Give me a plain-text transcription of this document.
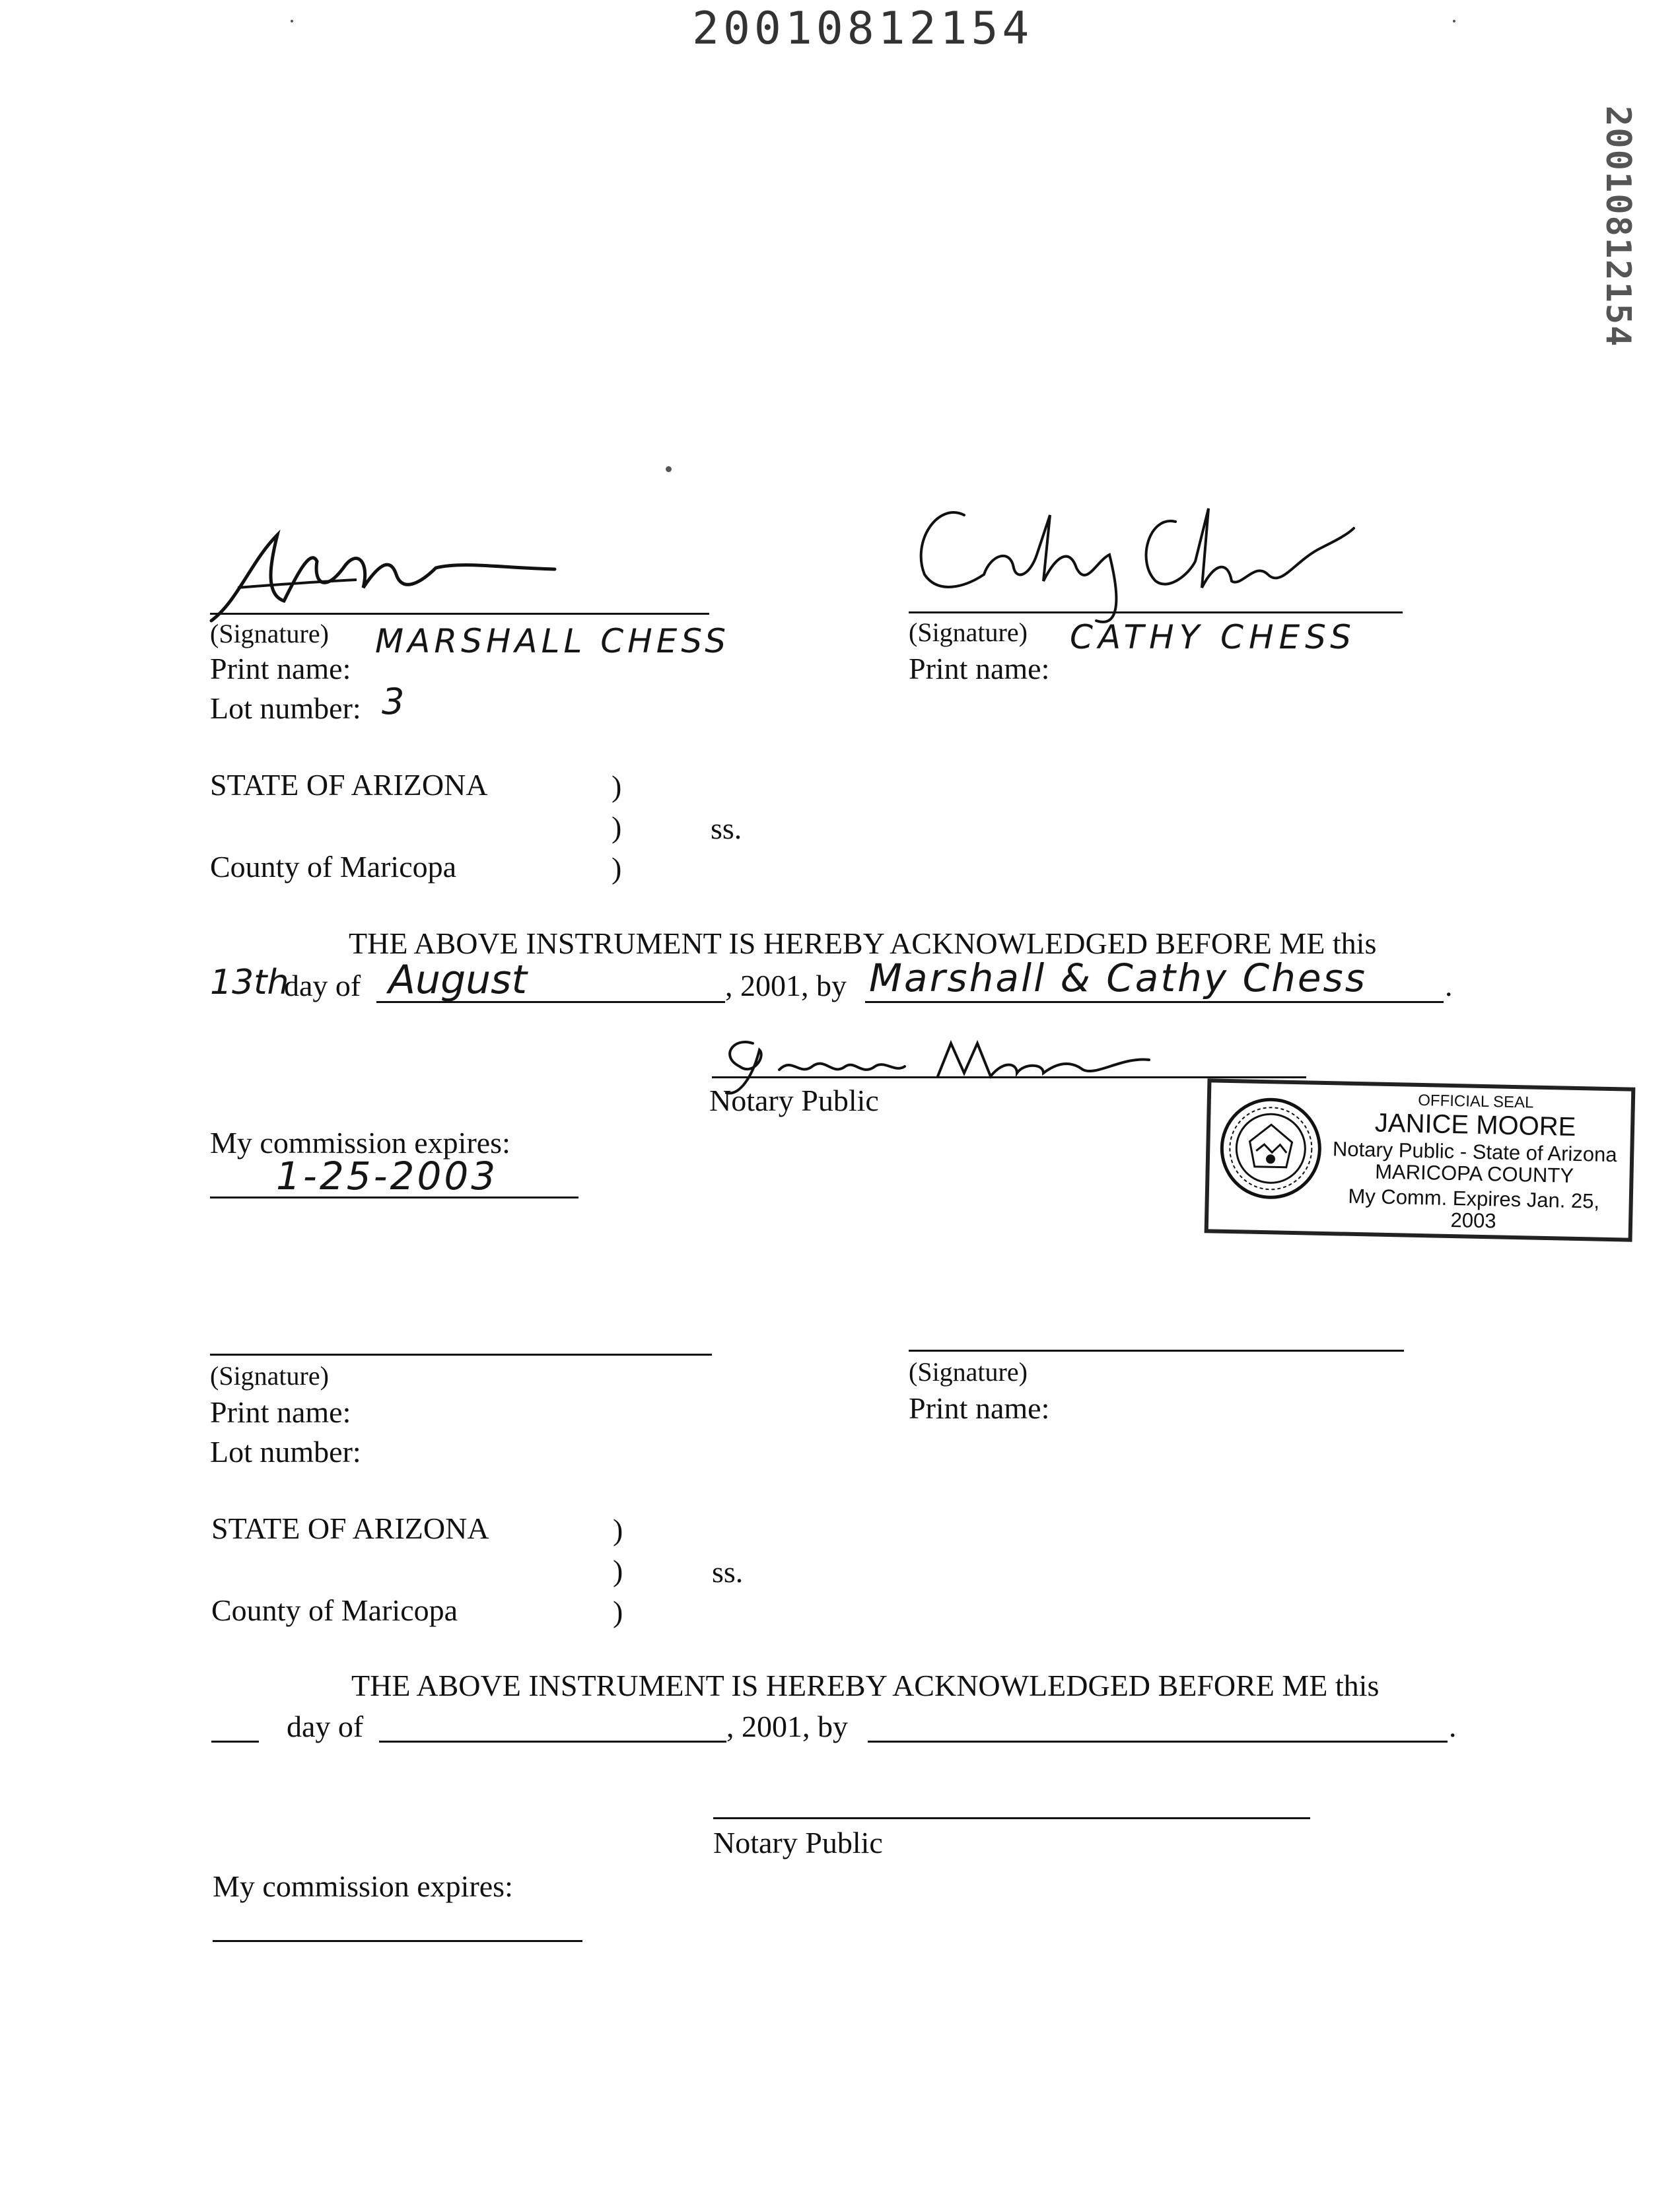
20010812154
20010812154
(Signature) MARSHALL CHESS
Print name:
Lot number: 3
(Signature) CATHY CHESS
Print name:
STATE OF ARIZONA
County of Maricopa
)
)
)
ss.
THE ABOVE INSTRUMENT IS HEREBY ACKNOWLEDGED BEFORE ME this
13th
day of August	, 2001, by Marshall & Cathy Chess	.
Notary Public
My commission expires:
1-25-2003
OFFICIAL SEAL
JANICE MOORE
Notary Public - State of Arizona
MARICOPA COUNTY
My Comm. Expires Jan. 25, 2003
(Signature)
Print name:
Lot number:
(Signature)
Print name:
STATE OF ARIZONA
County of Maricopa
)
)
)
ss.
THE ABOVE INSTRUMENT IS HEREBY ACKNOWLEDGED BEFORE ME this
day of	, 2001, by	.
Notary Public
My commission expires:
